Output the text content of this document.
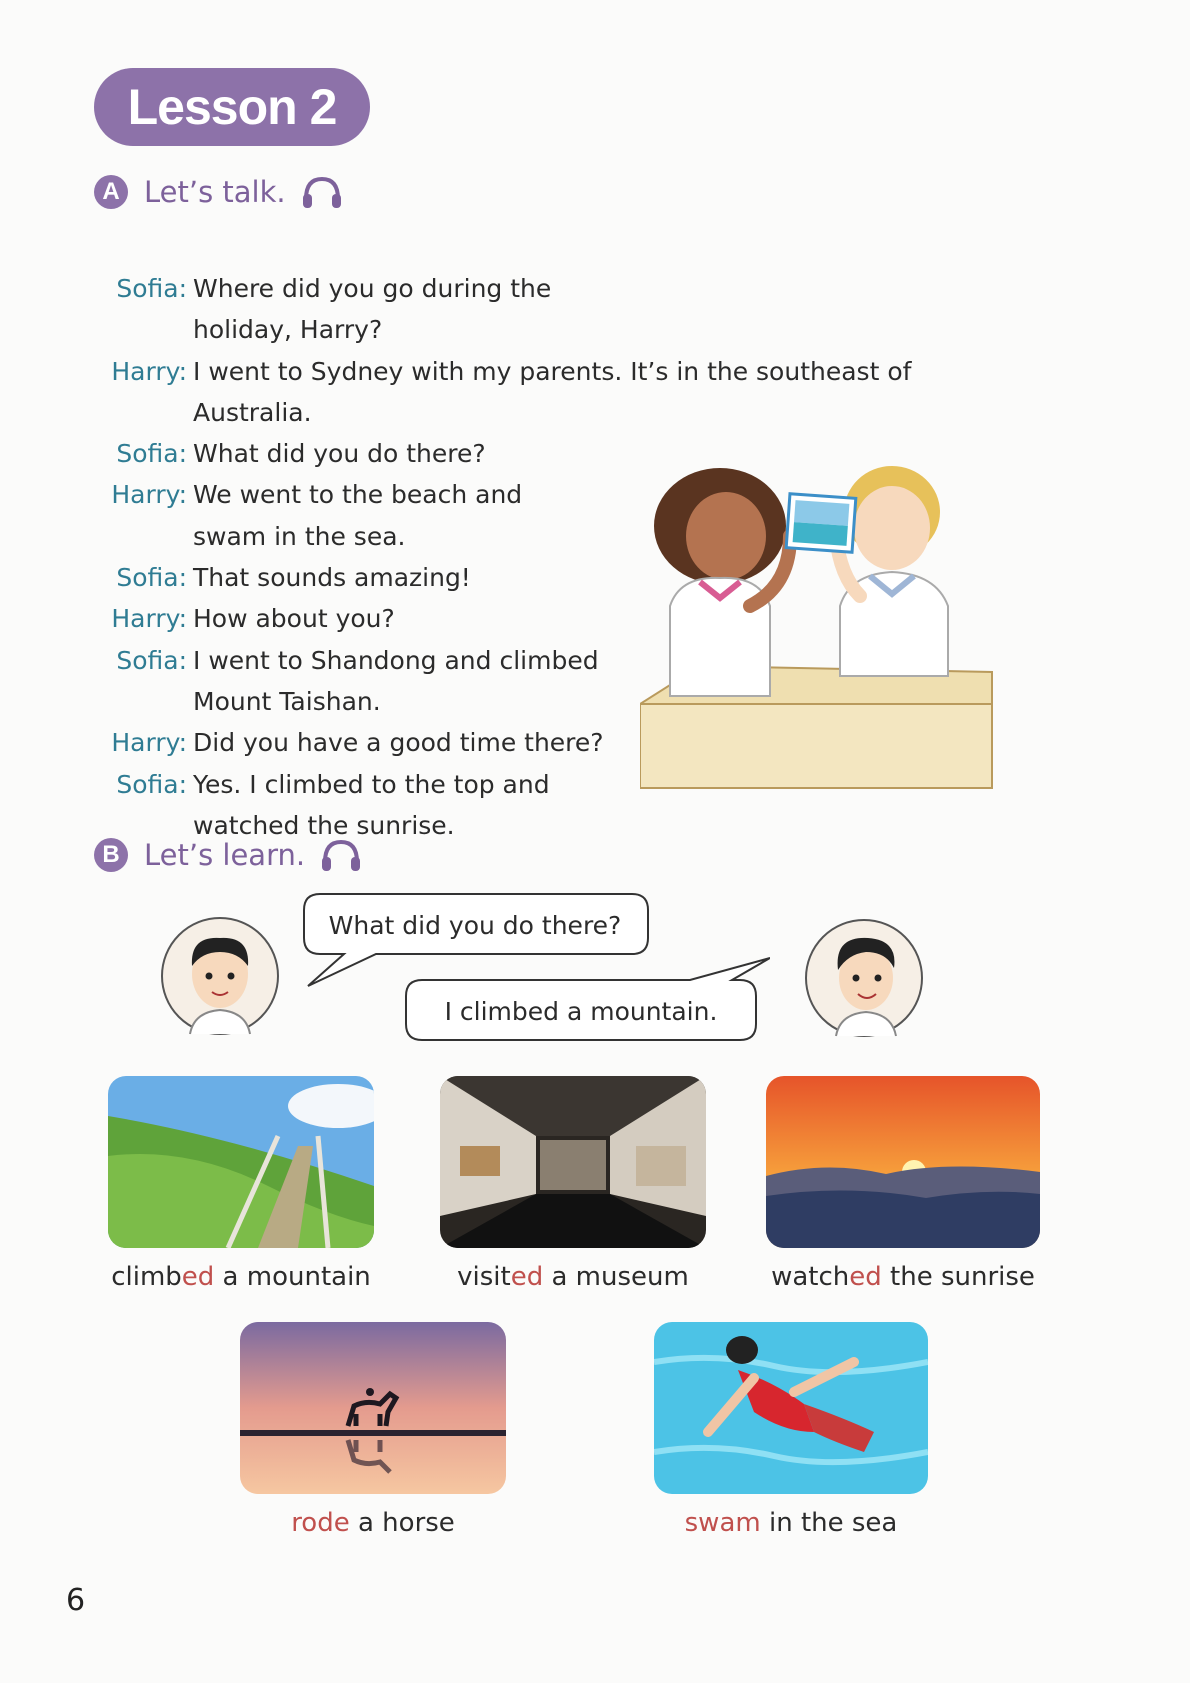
Lesson 2
A Let’s talk.
Sofia: Where did you go during the holiday, Harry?
Harry: I went to Sydney with my parents. It’s in the southeast of
Australia.
Sofia: What did you do there?
Harry: We went to the beach and
swam in the sea.
Sofia: That sounds amazing!
Harry: How about you?
Sofia: I went to Shandong and climbed
Mount Taishan.
Harry: Did you have a good time there?
Sofia: Yes. I climbed to the top and
watched the sunrise.
B Let’s learn.
What did you do there?
I climbed a mountain.
climbed a mountain	visited a museum	watched the sunrise
rode a horse	swam in the sea
6
